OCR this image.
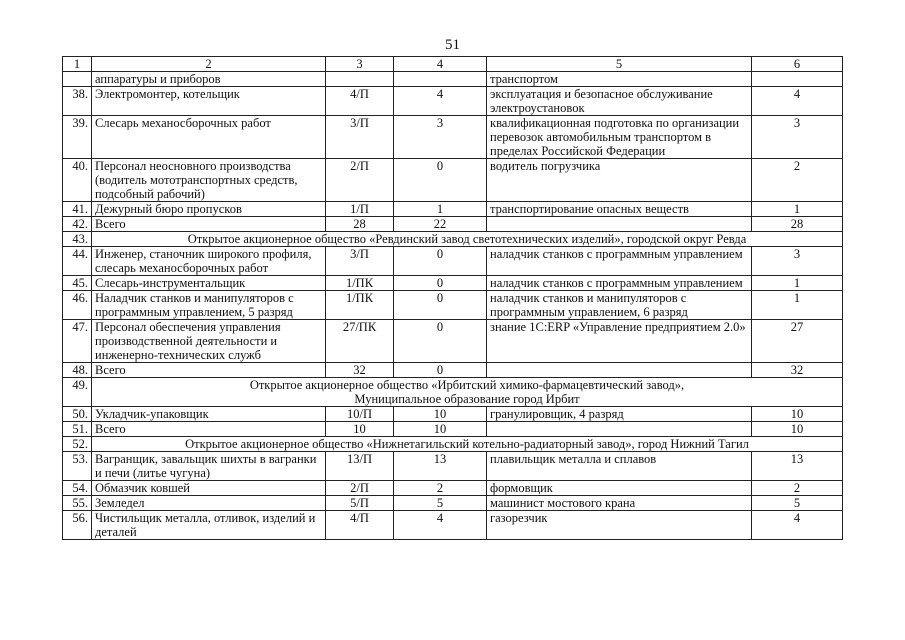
51
1	2	3	4	5	6
	аппаратуры и приборов			транспортом	
38.	Электромонтер, котельщик	4/П	4	эксплуатация и безопасное обслуживание электроустановок	4
39.	Слесарь механосборочных работ	3/П	3	квалификационная подготовка по организации перевозок автомобильным транспортом в пределах Российской Федерации	3
40.	Персонал неосновного производства (водитель мототранспортных средств, подсобный рабочий)	2/П	0	водитель погрузчика	2
41.	Дежурный бюро пропусков	1/П	1	транспортирование опасных веществ	1
42.	Всего	28	22		28
43.	Открытое акционерное общество «Ревдинский завод светотехнических изделий», городской округ Ревда				
44.	Инженер, станочник широкого профиля, слесарь механосборочных работ	3/П	0	наладчик станков с программным управлением	3
45.	Слесарь-инструментальщик	1/ПК	0	наладчик станков с программным управлением	1
46.	Наладчик станков и манипуляторов с программным управлением, 5 разряд	1/ПК	0	наладчик станков и манипуляторов с программным управлением, 6 разряд	1
47.	Персонал обеспечения управления производственной деятельности и инженерно-технических служб	27/ПК	0	знание 1С:ERP «Управление предприятием 2.0»	27
48.	Всего	32	0		32
49.	Открытое акционерное общество «Ирбитский химико-фармацевтический завод»,
Муниципальное образование город Ирбит				

50.	Укладчик-упаковщик	10/П	10	гранулировщик, 4 разряд	10
51.	Всего	10	10		10
52.	Открытое акционерное общество «Нижнетагильский котельно-радиаторный завод», город Нижний Тагил				
53.	Вагранщик, завальщик шихты в вагранки и печи (литье чугуна)	13/П	13	плавильщик металла и сплавов	13
54.	Обмазчик ковшей	2/П	2	формовщик	2
55.	Земледел	5/П	5	машинист мостового крана	5
56.	Чистильщик металла, отливок, изделий и деталей	4/П	4	газорезчик	4
